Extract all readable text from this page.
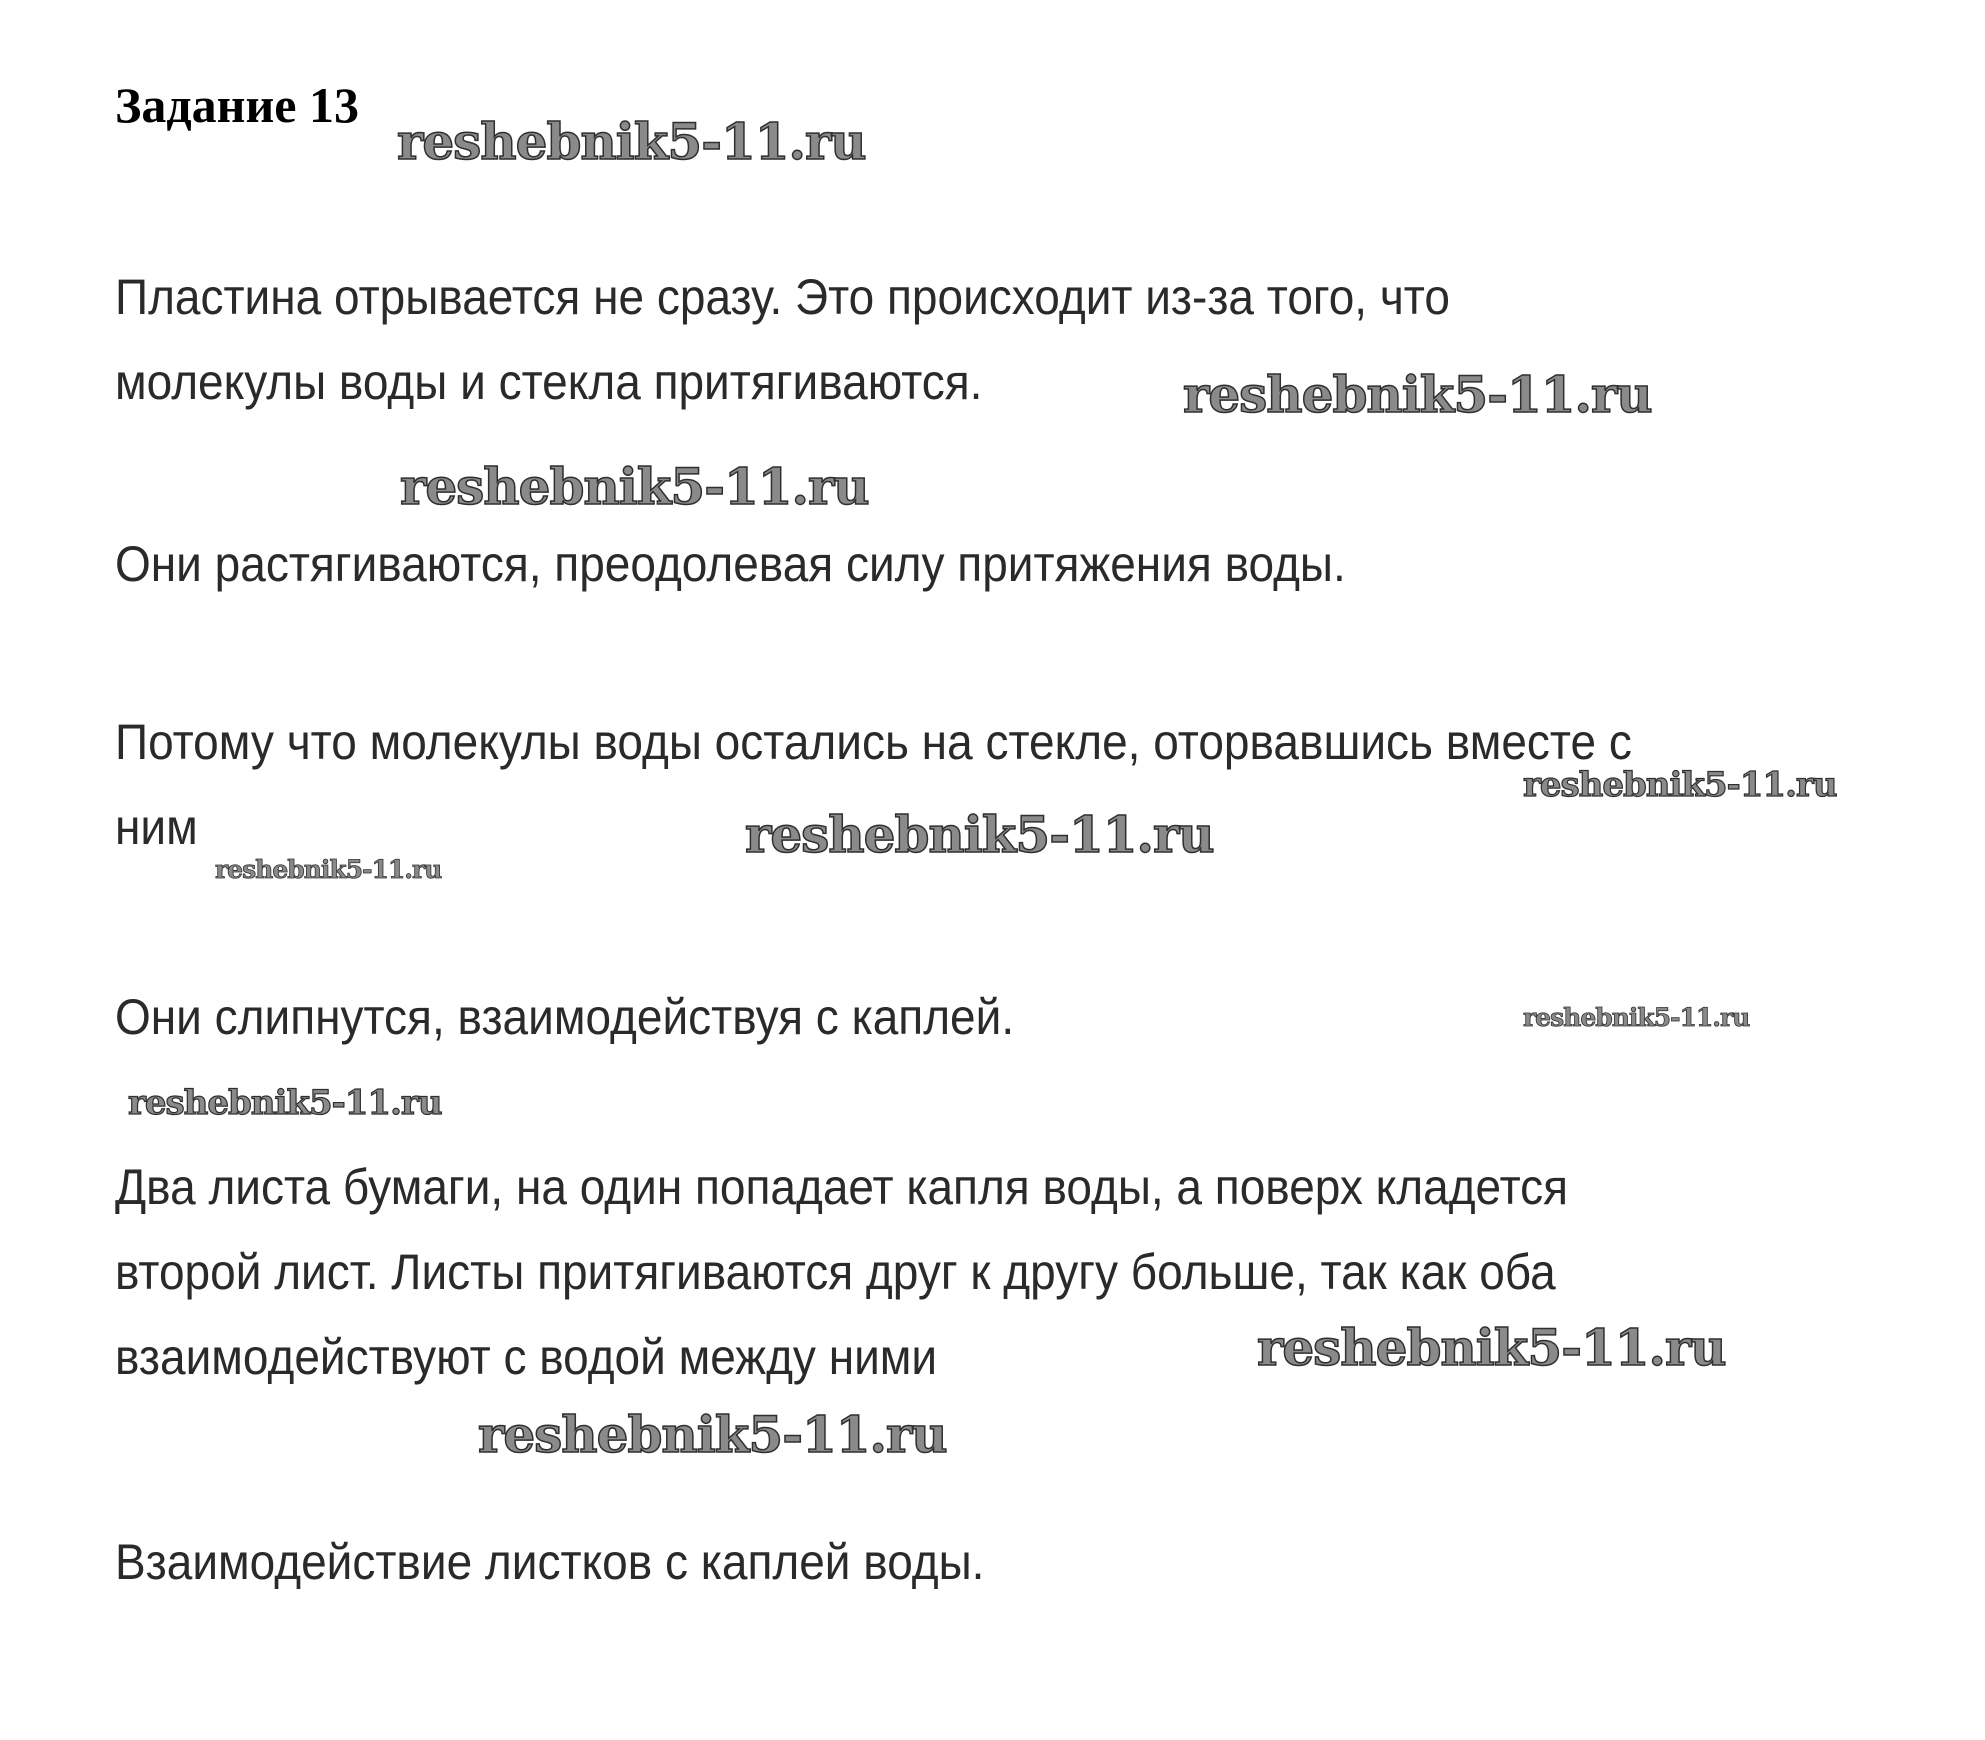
Задание 13
Пластина отрывается не сразу. Это происходит из-за того, что
молекулы воды и стекла притягиваются.
Они растягиваются, преодолевая силу притяжения воды.
Потому что молекулы воды остались на стекле, оторвавшись вместе с
ним
Они слипнутся, взаимодействуя с каплей.
Два листа бумаги, на один попадает капля воды, а поверх кладется
второй лист. Листы притягиваются друг к другу больше, так как оба
взаимодействуют с водой между ними
Взаимодействие листков с каплей воды.
reshebnik5-11.ru
reshebnik5-11.ru
reshebnik5-11.ru
reshebnik5-11.ru
reshebnik5-11.ru
reshebnik5-11.ru
reshebnik5-11.ru
reshebnik5-11.ru
reshebnik5-11.ru
reshebnik5-11.ru
